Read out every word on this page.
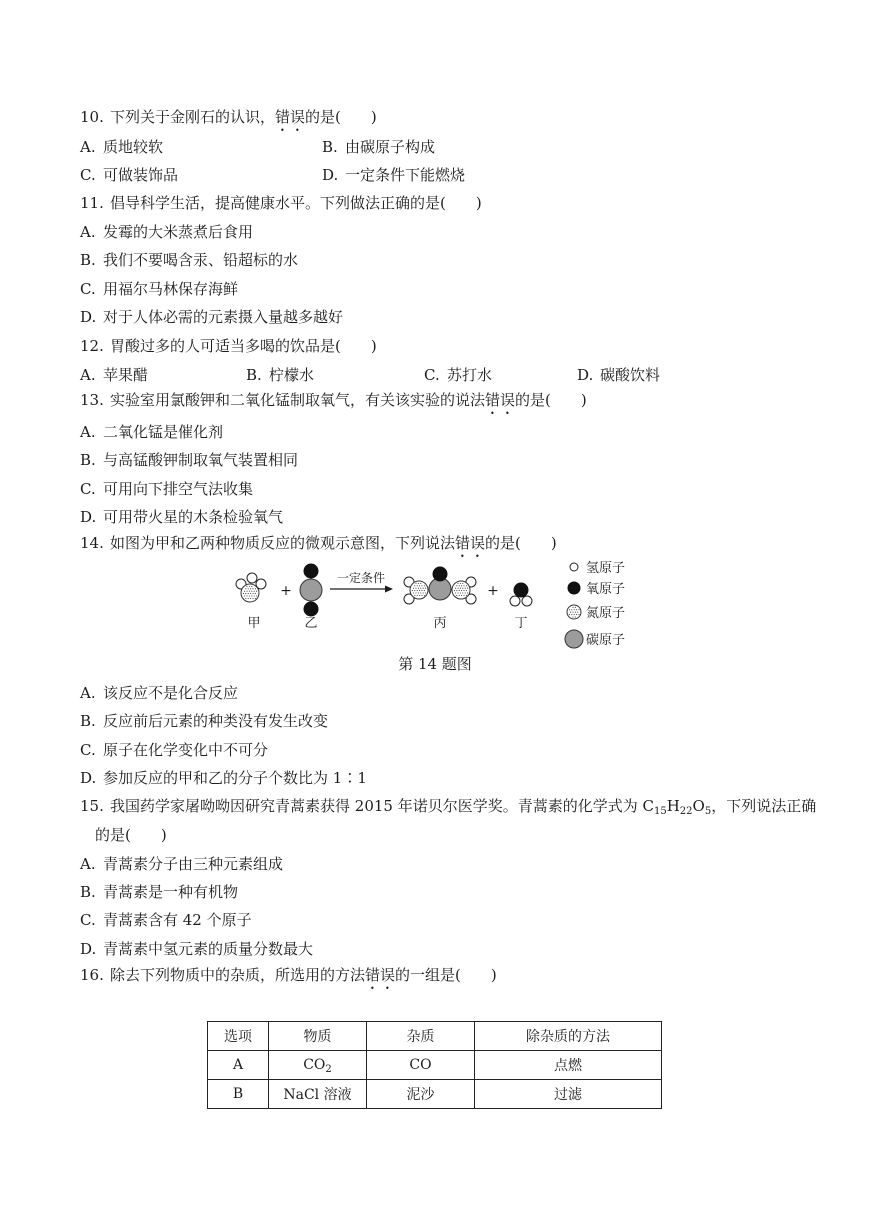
10. 下列关于金刚石的认识，错误的是(　　)
A. 质地较软	B. 由碳原子构成
C. 可做装饰品	D. 一定条件下能燃烧
11. 倡导科学生活，提高健康水平。下列做法正确的是(　　)
A. 发霉的大米蒸煮后食用
B. 我们不要喝含汞、铅超标的水
C. 用福尔马林保存海鲜
D. 对于人体必需的元素摄入量越多越好
12. 胃酸过多的人可适当多喝的饮品是(　　)
A. 苹果醋	B. 柠檬水	C. 苏打水	D. 碳酸饮料
13. 实验室用氯酸钾和二氧化锰制取氧气，有关该实验的说法错误的是(　　)
A. 二氧化锰是催化剂
B. 与高锰酸钾制取氧气装置相同
C. 可用向下排空气法收集
D. 可用带火星的木条检验氧气
14. 如图为甲和乙两种物质反应的微观示意图，下列说法错误的是(　　)
甲
+
乙
一定条件
丙
+
丁
氢原子
氧原子
氮原子
碳原子
第 14 题图
A. 该反应不是化合反应
B. 反应前后元素的种类没有发生改变
C. 原子在化学变化中不可分
D. 参加反应的甲和乙的分子个数比为 1∶1
15. 我国药学家屠呦呦因研究青蒿素获得 2015 年诺贝尔医学奖。青蒿素的化学式为 $C_{15}H_{22}O_5$，下列说法正确
的是(　　)
A. 青蒿素分子由三种元素组成
B. 青蒿素是一种有机物
C. 青蒿素含有 42 个原子
D. 青蒿素中氢元素的质量分数最大
16. 除去下列物质中的杂质，所选用的方法错误的一组是(　　)
选项	物质	杂质	除杂质的方法
A	$CO_2$	CO	点燃
B	NaCl 溶液	泥沙	过滤
